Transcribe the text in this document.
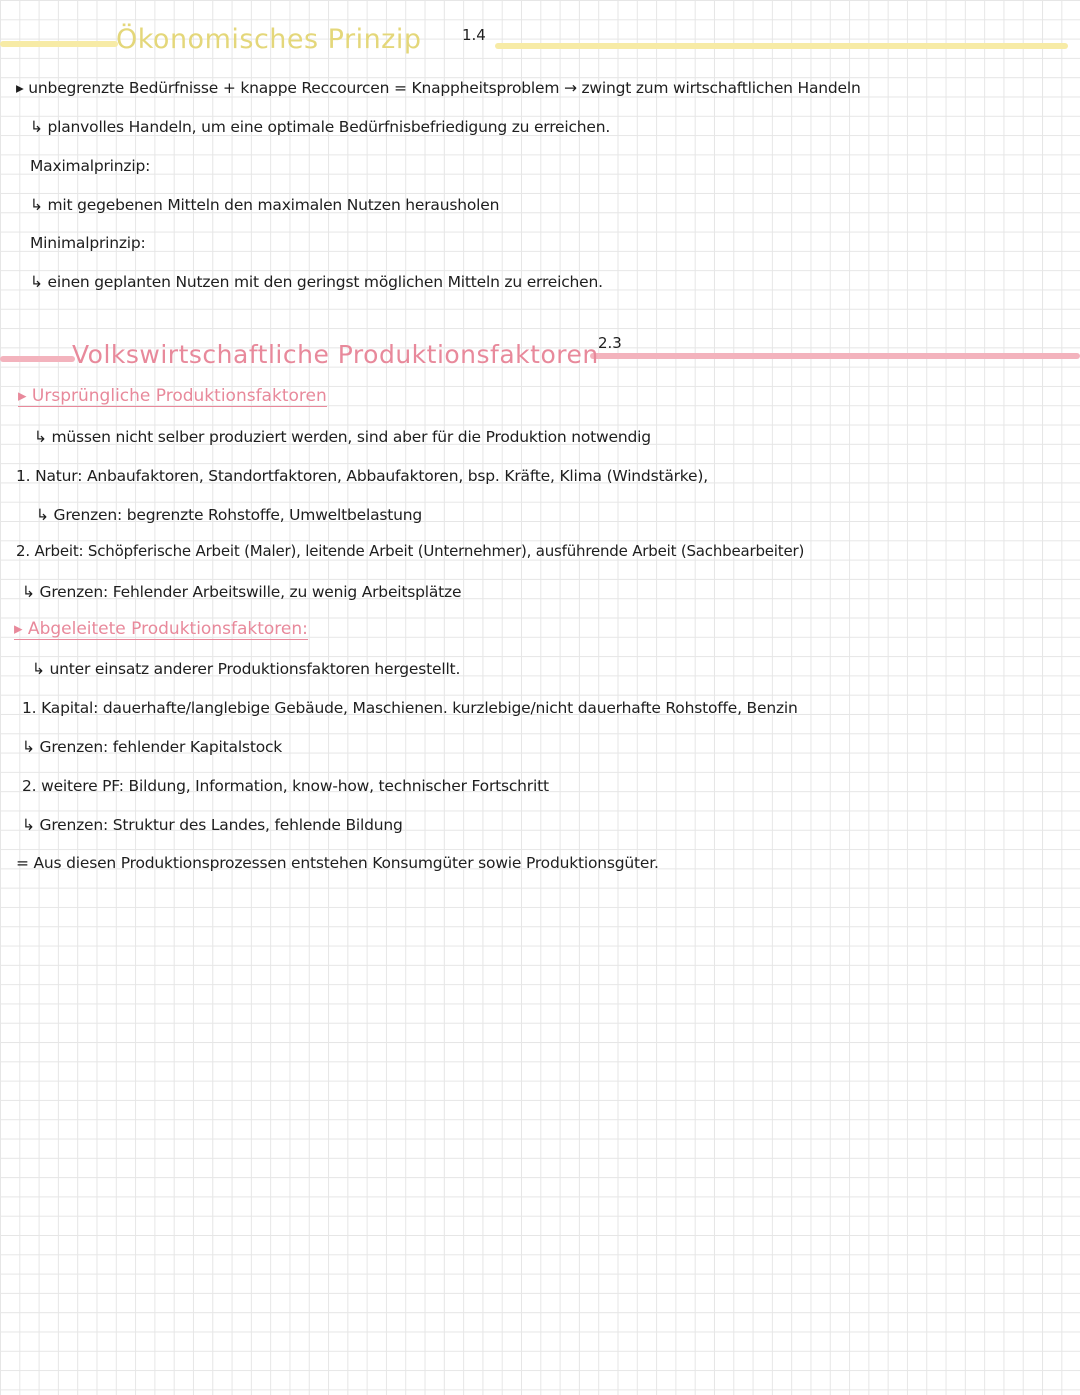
Ökonomisches Prinzip	1.4
▸ unbegrenzte Bedürfnisse + knappe Reccourcen = Knappheitsproblem → zwingt zum wirtschaftlichen Handeln
↳ planvolles Handeln, um eine optimale Bedürfnisbefriedigung zu erreichen.
Maximalprinzip:
↳ mit gegebenen Mitteln den maximalen Nutzen herausholen
Minimalprinzip:
↳ einen geplanten Nutzen mit den geringst möglichen Mitteln zu erreichen.
Volkswirtschaftliche Produktionsfaktoren 2.3
▸ Ursprüngliche Produktionsfaktoren
↳ müssen nicht selber produziert werden, sind aber für die Produktion notwendig
1. Natur: Anbaufaktoren, Standortfaktoren, Abbaufaktoren, bsp. Kräfte, Klima (Windstärke),
↳ Grenzen: begrenzte Rohstoffe, Umweltbelastung
2. Arbeit: Schöpferische Arbeit (Maler), leitende Arbeit (Unternehmer), ausführende Arbeit (Sachbearbeiter)
↳ Grenzen: Fehlender Arbeitswille, zu wenig Arbeitsplätze
▸ Abgeleitete Produktionsfaktoren:
↳ unter einsatz anderer Produktionsfaktoren hergestellt.
1. Kapital: dauerhafte/langlebige Gebäude, Maschienen. kurzlebige/nicht dauerhafte Rohstoffe, Benzin
↳ Grenzen: fehlender Kapitalstock
2. weitere PF: Bildung, Information, know-how, technischer Fortschritt
↳ Grenzen: Struktur des Landes, fehlende Bildung
= Aus diesen Produktionsprozessen entstehen Konsumgüter sowie Produktionsgüter.
